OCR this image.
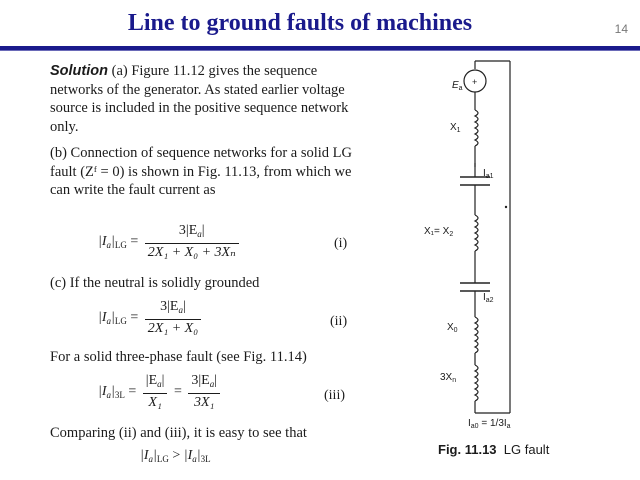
Line to ground faults of machines	14
Solution (a) Figure 11.12 gives the sequence networks of the generator. As stated earlier voltage source is included in the positive sequence network only.
(b) Connection of sequence networks for a solid LG fault (Zᶠ = 0) is shown in Fig. 11.13, from which we can write the fault current as
$|I_a|_{LG} = \frac{3|E_a|}{\text{2X₁ + X₀ + 3Xₙ}}$	(i)
(c) If the neutral is solidly grounded
$|I_a|_{LG} = \frac{3|E_a|}{\text{2X₁ + X₀}}$	(ii)
For a solid three-phase fault (see Fig. 11.14)
$|I_a|_{3L} = \frac{|E_a|}{\text{X₁}} = \frac{3|E_a|}{\text{3X₁}}$	(iii)
Comparing (ii) and (iii), it is easy to see that
$|I_a|_{LG} > |I_a|_{3L}$
+
$E_a$
$X_1$
$I_{a1}$
$X_1= X_2$
$I_{a2}$
$X_0$
$3X_n$
$I_{a0} = 1/3I_a$
Fig. 11.13 LG fault
